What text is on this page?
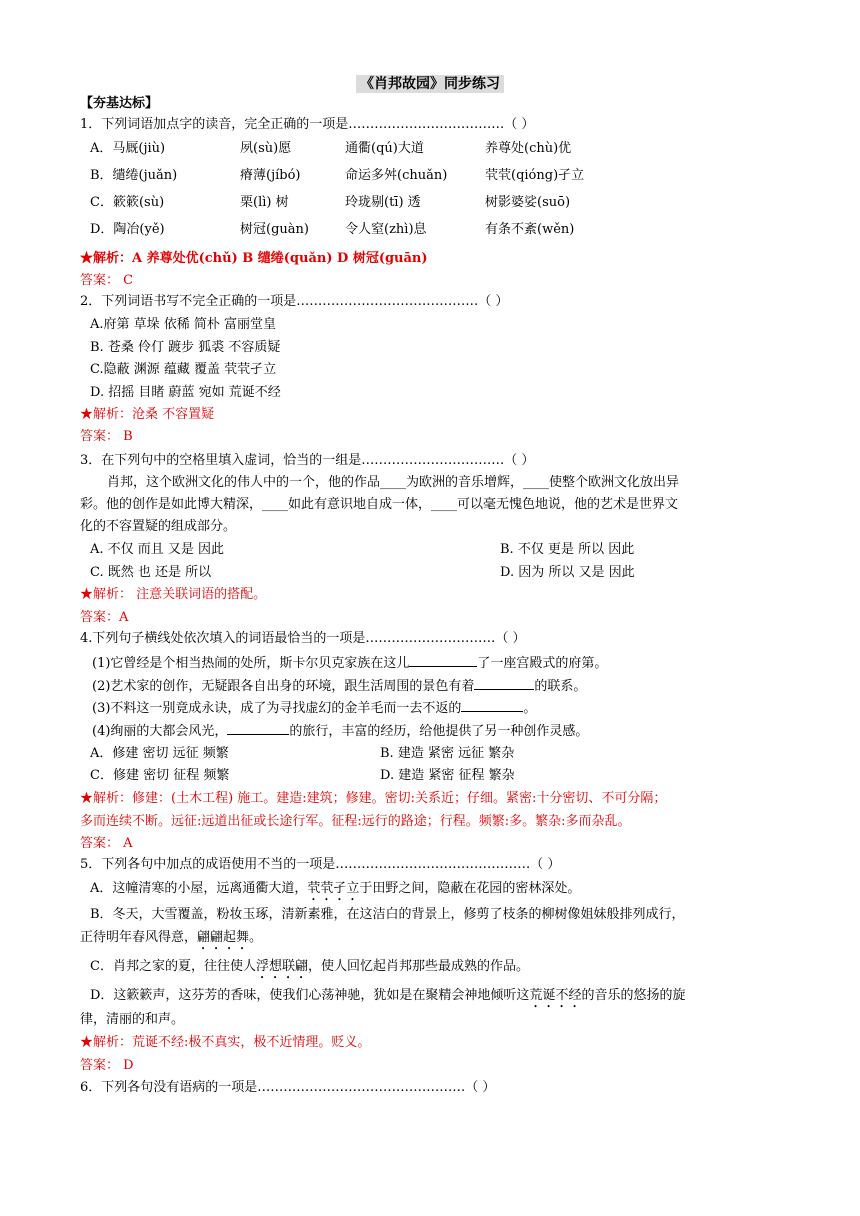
《肖邦故园》同步练习
【夯基达标】
1．下列词语加点字的读音，完全正确的一项是………………………………（ ）
A．马厩(jiù)	夙(sù)愿	通衢(qú)大道	养尊处(chù)优
B．缱绻(juǎn)	瘠薄(jíbó)	命运多舛(chuǎn)	茕茕(qióng)孑立
C．簌簌(sù)	栗(lì) 树	玲珑剔(tī) 透	树影婆娑(suō)
D．陶冶(yě)	树冠(guàn)	令人窒(zhì)息	有条不紊(wěn)
★解析：A 养尊处优(chǔ) B 缱绻(quǎn) D 树冠(guān)
答案： C
2．下列词语书写不完全正确的一项是……………………………………（ ）
A.府第 草垛 依稀 简朴 富丽堂皇
B. 苍桑 伶仃 踱步 狐裘 不容质疑
C.隐蔽 渊源 蕴藏 覆盖 茕茕孑立
D. 招摇 目睹 蔚蓝 宛如 荒诞不经
★解析：沧桑 不容置疑
答案： B
3．在下列句中的空格里填入虚词，恰当的一组是……………………………（ ）
肖邦，这个欧洲文化的伟人中的一个，他的作品____为欧洲的音乐增辉，____使整个欧洲文化放出异
彩。他的创作是如此博大精深，____如此有意识地自成一体，____可以毫无愧色地说，他的艺术是世界文
化的不容置疑的组成部分。
A. 不仅 而且 又是 因此	B. 不仅 更是 所以 因此
C. 既然 也 还是 所以	D. 因为 所以 又是 因此
★解析： 注意关联词语的搭配。
答案：A
4.下列句子横线处依次填入的词语最恰当的一项是…………………………（ ）
(1)它曾经是个相当热闹的处所，斯卡尔贝克家族在这儿	了一座宫殿式的府第。
(2)艺术家的创作，无疑跟各自出身的环境，跟生活周围的景色有着	的联系。
(3)不料这一别竟成永诀，成了为寻找虚幻的金羊毛而一去不返的	。
(4)绚丽的大都会风光，	的旅行，丰富的经历，给他提供了另一种创作灵感。
A．修建 密切 远征 频繁	B. 建造 紧密 远征 繁杂
C．修建 密切 征程 频繁	D. 建造 紧密 征程 繁杂
★解析：修建：(土木工程) 施工。建造:建筑；修建。密切:关系近；仔细。紧密:十分密切、不可分隔；
多而连续不断。远征:远道出征或长途行军。征程:远行的路途；行程。频繁:多。繁杂:多而杂乱。
答案： A
5．下列各句中加点的成语使用不当的一项是………………………………………（ ）
A．这幢清寒的小屋，远离通衢大道，茕茕孑立于田野之间，隐蔽在花园的密林深处。
B．冬天，大雪覆盖，粉妆玉琢，清新素雅，在这洁白的背景上，修剪了枝条的柳树像姐妹般排列成行，
正待明年春风得意，翩翩起舞。
C．肖邦之家的夏，往往使人浮想联翩，使人回忆起肖邦那些最成熟的作品。
D．这簌簌声，这芬芳的香味，使我们心荡神驰，犹如是在聚精会神地倾听这荒诞不经的音乐的悠扬的旋
律，清丽的和声。
★解析：荒诞不经:极不真实，极不近情理。贬义。
答案： D
6．下列各句没有语病的一项是…………………………………………（ ）
